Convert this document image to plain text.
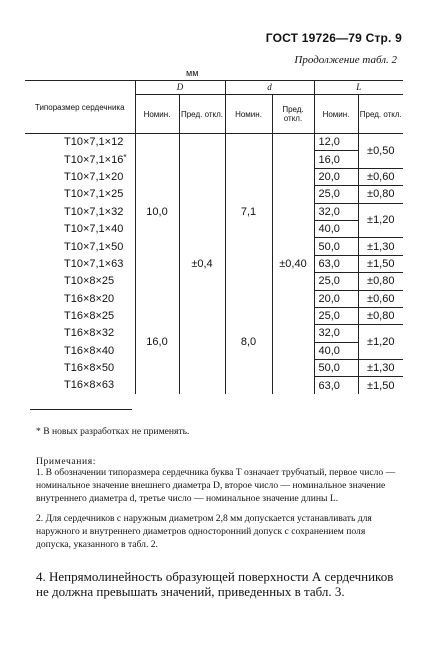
ГОСТ 19726—79 Стр. 9
Продолжение табл. 2
мм
Типоразмер сердечника	D		d		L	
	Номин.	Пред. откл.	Номин.	Пред. откл.	Номин.	Пред. откл.
Т10×7,1×12	10,0	±0,4	7,1	±0,40	12,0	±0,50
Т10×7,1×16*					16,0	
Т10×7,1×20					20,0	±0,60
Т10×7,1×25					25,0	±0,80
Т10×7,1×32					32,0	±1,20
Т10×7,1×40					40,0	
Т10×7,1×50					50,0	±1,30
Т10×7,1×63					63,0	±1,50
Т10×8×25					25,0	±0,80
Т16×8×20	16,0		8,0		20,0	±0,60
Т16×8×25					25,0	±0,80
Т16×8×32					32,0	±1,20
Т16×8×40					40,0	
Т16×8×50					50,0	±1,30
Т16×8×63					63,0	±1,50
* В новых разработках не применять.
Примечания:
1. В обозначении типоразмера сердечника буква Т означает трубчатый, первое число — номинальное значение внешнего диаметра D, второе число — номинальное значение внутреннего диаметра d, третье число — номинальное значение длины L.
2. Для сердечников с наружным диаметром 2,8 мм допускается устанавливать для наружного и внутреннего диаметров односторонний допуск с сохранением поля допуска, указанного в табл. 2.
4. Непрямолинейность образующей поверхности А сердечников не должна превышать значений, приведенных в табл. 3.
